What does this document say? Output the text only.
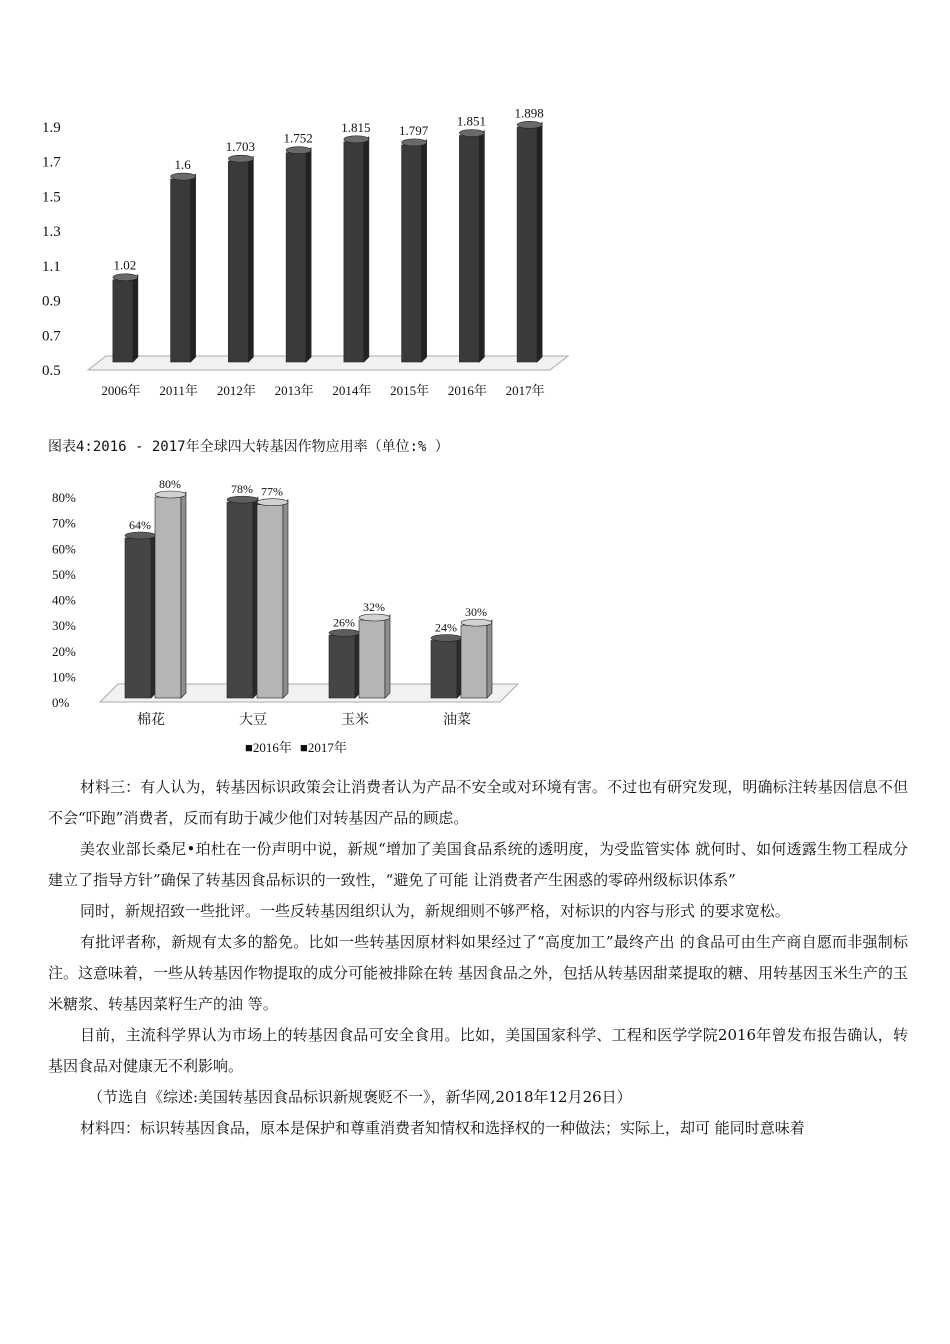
0.5
0.7
0.9
1.1
1.3
1.5
1.7
1.9
1.02
2006年
1.6
2011年
1.703
2012年
1.752
2013年
1.815
2014年
1.797
2015年
1.851
2016年
1.898
2017年
图表4:2016 - 2017年全球四大转基因作物应用率（单位:% ）
0%
10%
20%
30%
40%
50%
60%
70%
80%
64%
80%
棉花
78% 77%
大豆
26%
32%
玉米
24%
30%
油菜
■2016年 ■2017年

材料三：有人认为，转基因标识政策会让消费者认为产品不安全或对环境有害。不过也有研究发现，明确标注转基因信息不但不会“吓跑”消费者，反而有助于减少他们对转基因产品的顾虑。

美农业部长桑尼•珀杜在一份声明中说，新规“增加了美国食品系统的透明度，为受监管实体 就何时、如何透露生物工程成分建立了指导方针”确保了转基因食品标识的一致性，“避免了可能 让消费者产生困惑的零碎州级标识体系”

同时，新规招致一些批评。一些反转基因组织认为，新规细则不够严格，对标识的内容与形式 的要求宽松。

有批评者称，新规有太多的豁免。比如一些转基因原材料如果经过了“高度加工”最终产出 的食品可由生产商自愿而非强制标注。这意味着，一些从转基因作物提取的成分可能被排除在转 基因食品之外，包括从转基因甜菜提取的糖、用转基因玉米生产的玉米糖浆、转基因菜籽生产的油 等。

目前，主流科学界认为市场上的转基因食品可安全食用。比如，美国国家科学、工程和医学学院2016年曾发布报告确认，转基因食品对健康无不利影响。

（节选自《综述:美国转基因食品标识新规褒贬不一》，新华网,2018年12月26日）

材料四：标识转基因食品，原本是保护和尊重消费者知情权和选择权的一种做法；实际上，却可 能同时意味着
